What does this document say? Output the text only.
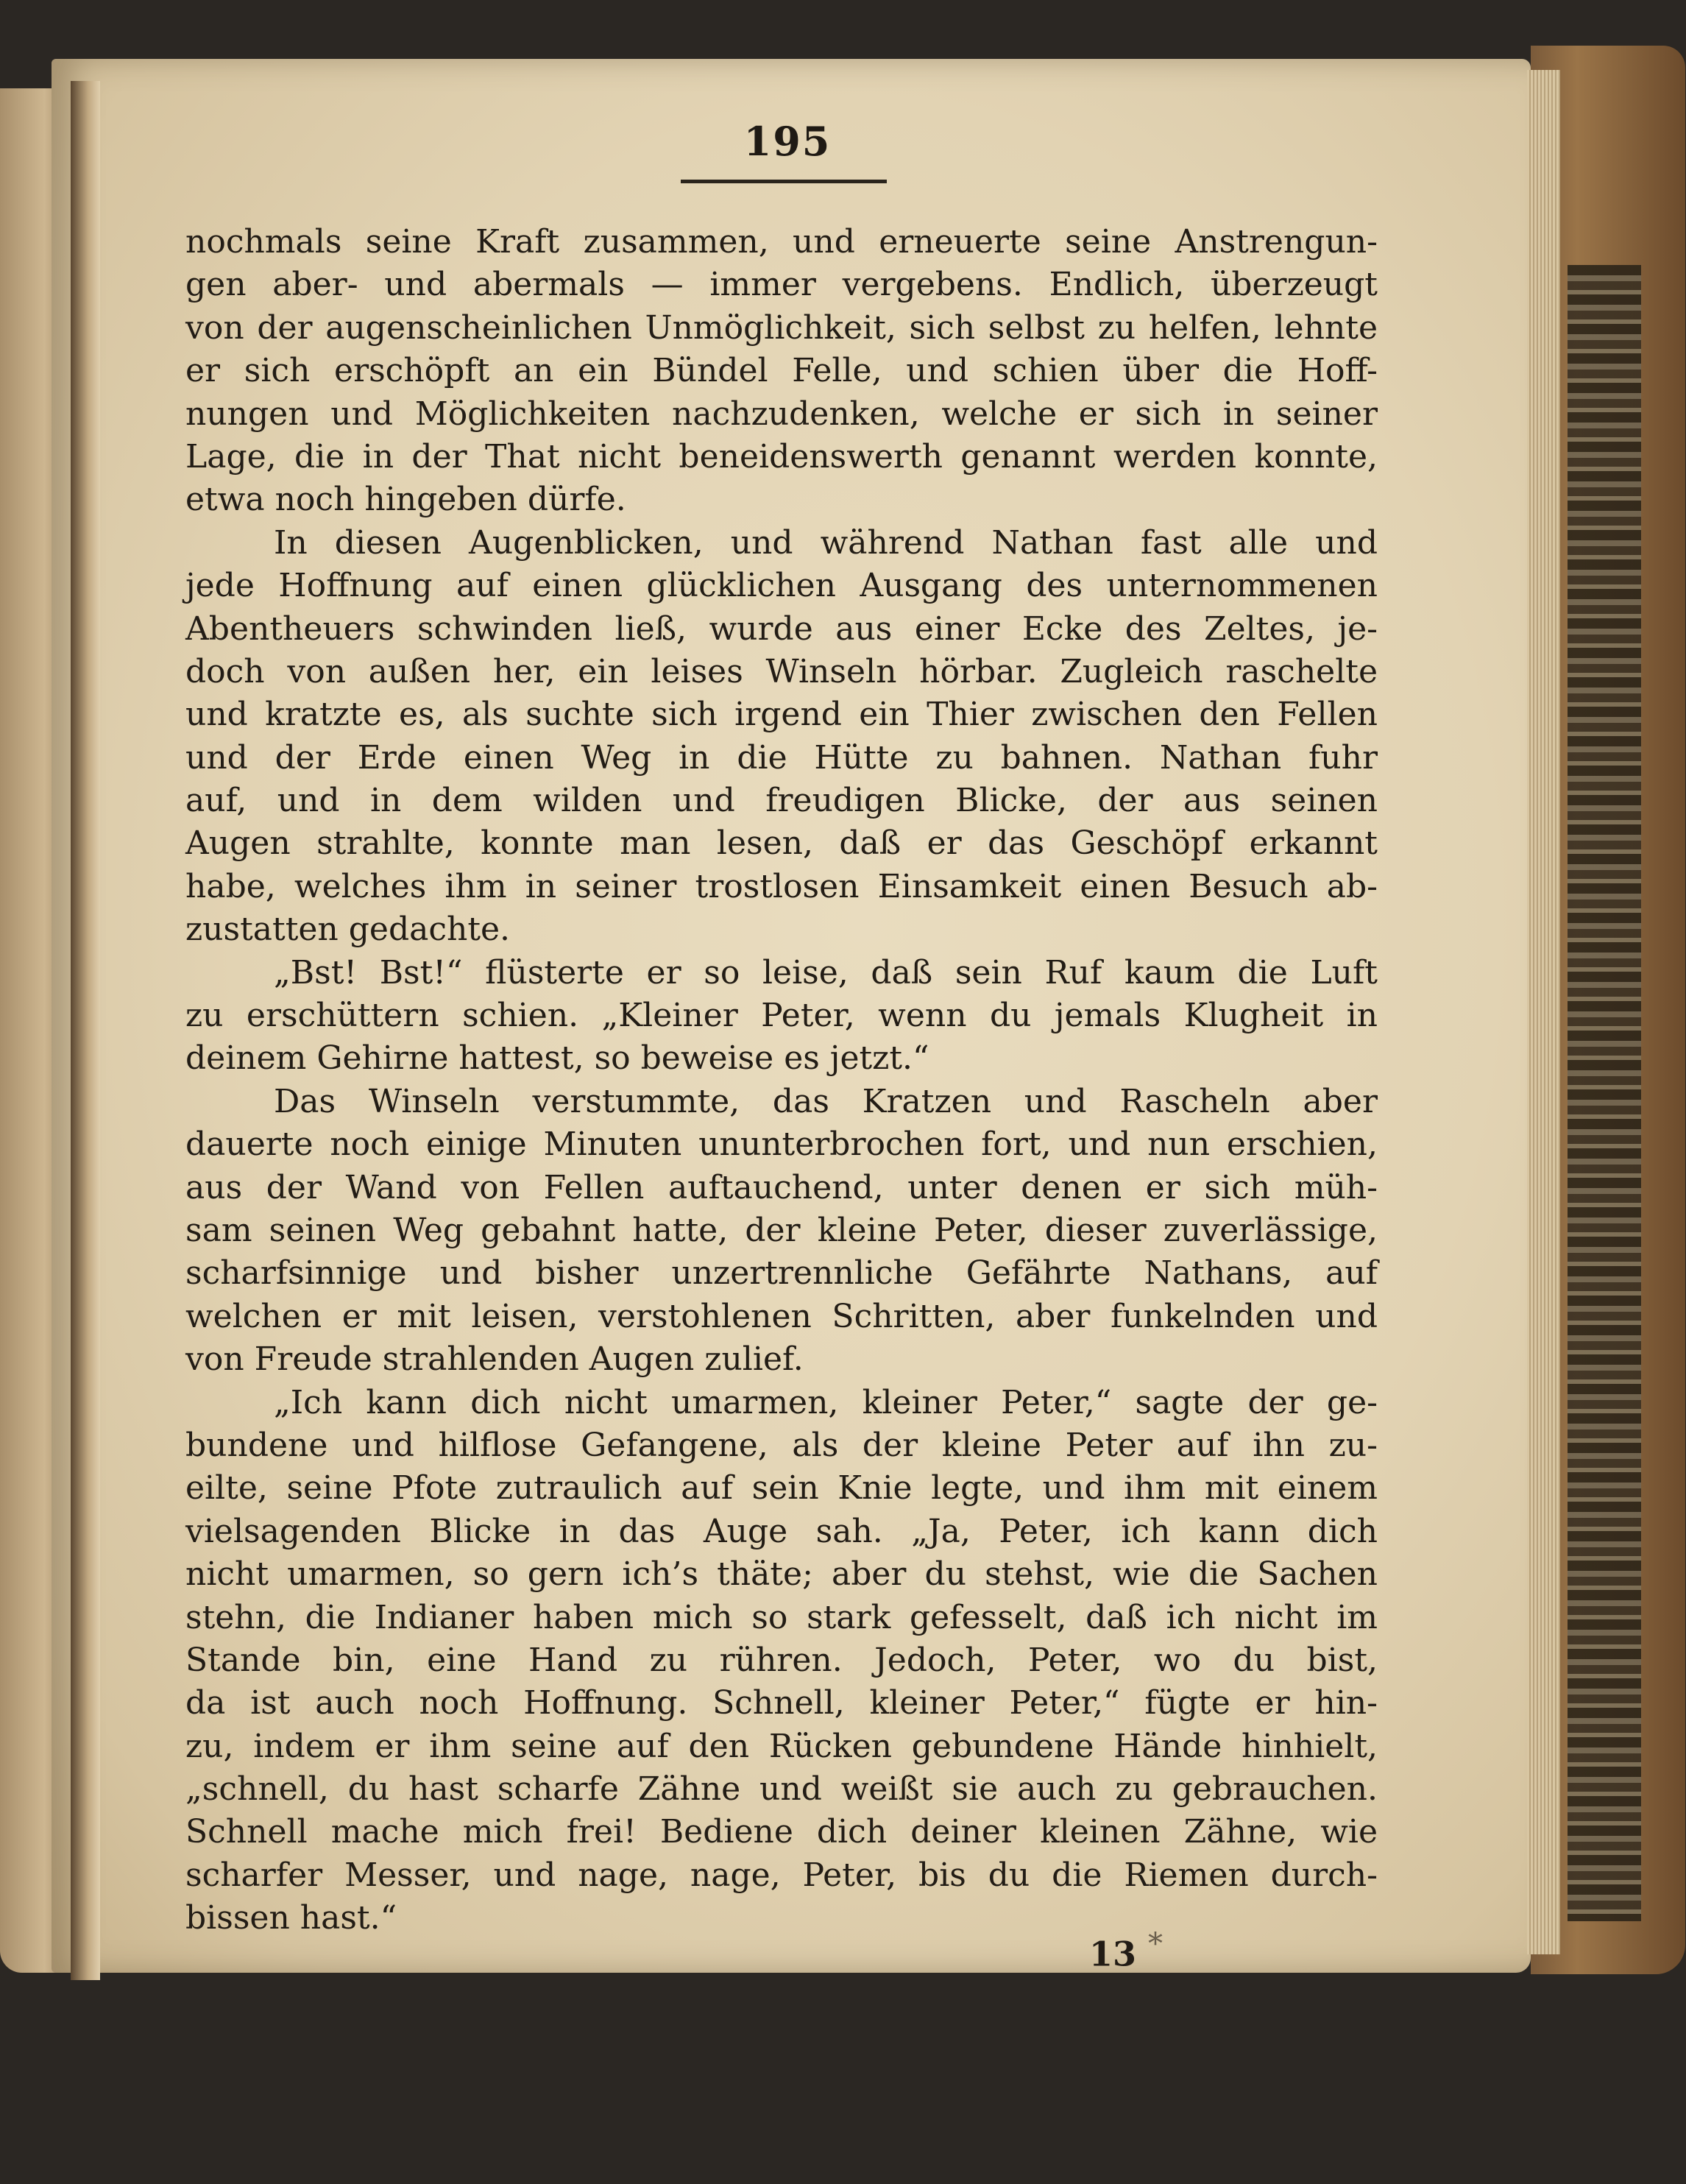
195
nochmals seine Kraft zusammen, und erneuerte seine Anstrengun-
gen aber- und abermals — immer vergebens. Endlich, überzeugt
von der augenscheinlichen Unmöglichkeit, sich selbst zu helfen, lehnte
er sich erschöpft an ein Bündel Felle, und schien über die Hoff-
nungen und Möglichkeiten nachzudenken, welche er sich in seiner
Lage, die in der That nicht beneidenswerth genannt werden konnte,
etwa noch hingeben dürfe.
In diesen Augenblicken, und während Nathan fast alle und
jede Hoffnung auf einen glücklichen Ausgang des unternommenen
Abentheuers schwinden ließ, wurde aus einer Ecke des Zeltes, je-
doch von außen her, ein leises Winseln hörbar. Zugleich raschelte
und kratzte es, als suchte sich irgend ein Thier zwischen den Fellen
und der Erde einen Weg in die Hütte zu bahnen. Nathan fuhr
auf, und in dem wilden und freudigen Blicke, der aus seinen
Augen strahlte, konnte man lesen, daß er das Geschöpf erkannt
habe, welches ihm in seiner trostlosen Einsamkeit einen Besuch ab-
zustatten gedachte.
„Bst! Bst!“ flüsterte er so leise, daß sein Ruf kaum die Luft
zu erschüttern schien. „Kleiner Peter, wenn du jemals Klugheit in
deinem Gehirne hattest, so beweise es jetzt.“
Das Winseln verstummte, das Kratzen und Rascheln aber
dauerte noch einige Minuten ununterbrochen fort, und nun erschien,
aus der Wand von Fellen auftauchend, unter denen er sich müh-
sam seinen Weg gebahnt hatte, der kleine Peter, dieser zuverlässige,
scharfsinnige und bisher unzertrennliche Gefährte Nathans, auf
welchen er mit leisen, verstohlenen Schritten, aber funkelnden und
von Freude strahlenden Augen zulief.
„Ich kann dich nicht umarmen, kleiner Peter,“ sagte der ge-
bundene und hilflose Gefangene, als der kleine Peter auf ihn zu-
eilte, seine Pfote zutraulich auf sein Knie legte, und ihm mit einem
vielsagenden Blicke in das Auge sah. „Ja, Peter, ich kann dich
nicht umarmen, so gern ich’s thäte; aber du stehst, wie die Sachen
stehn, die Indianer haben mich so stark gefesselt, daß ich nicht im
Stande bin, eine Hand zu rühren. Jedoch, Peter, wo du bist,
da ist auch noch Hoffnung. Schnell, kleiner Peter,“ fügte er hin-
zu, indem er ihm seine auf den Rücken gebundene Hände hinhielt,
„schnell, du hast scharfe Zähne und weißt sie auch zu gebrauchen.
Schnell mache mich frei! Bediene dich deiner kleinen Zähne, wie
scharfer Messer, und nage, nage, Peter, bis du die Riemen durch-
bissen hast.“
13 *
